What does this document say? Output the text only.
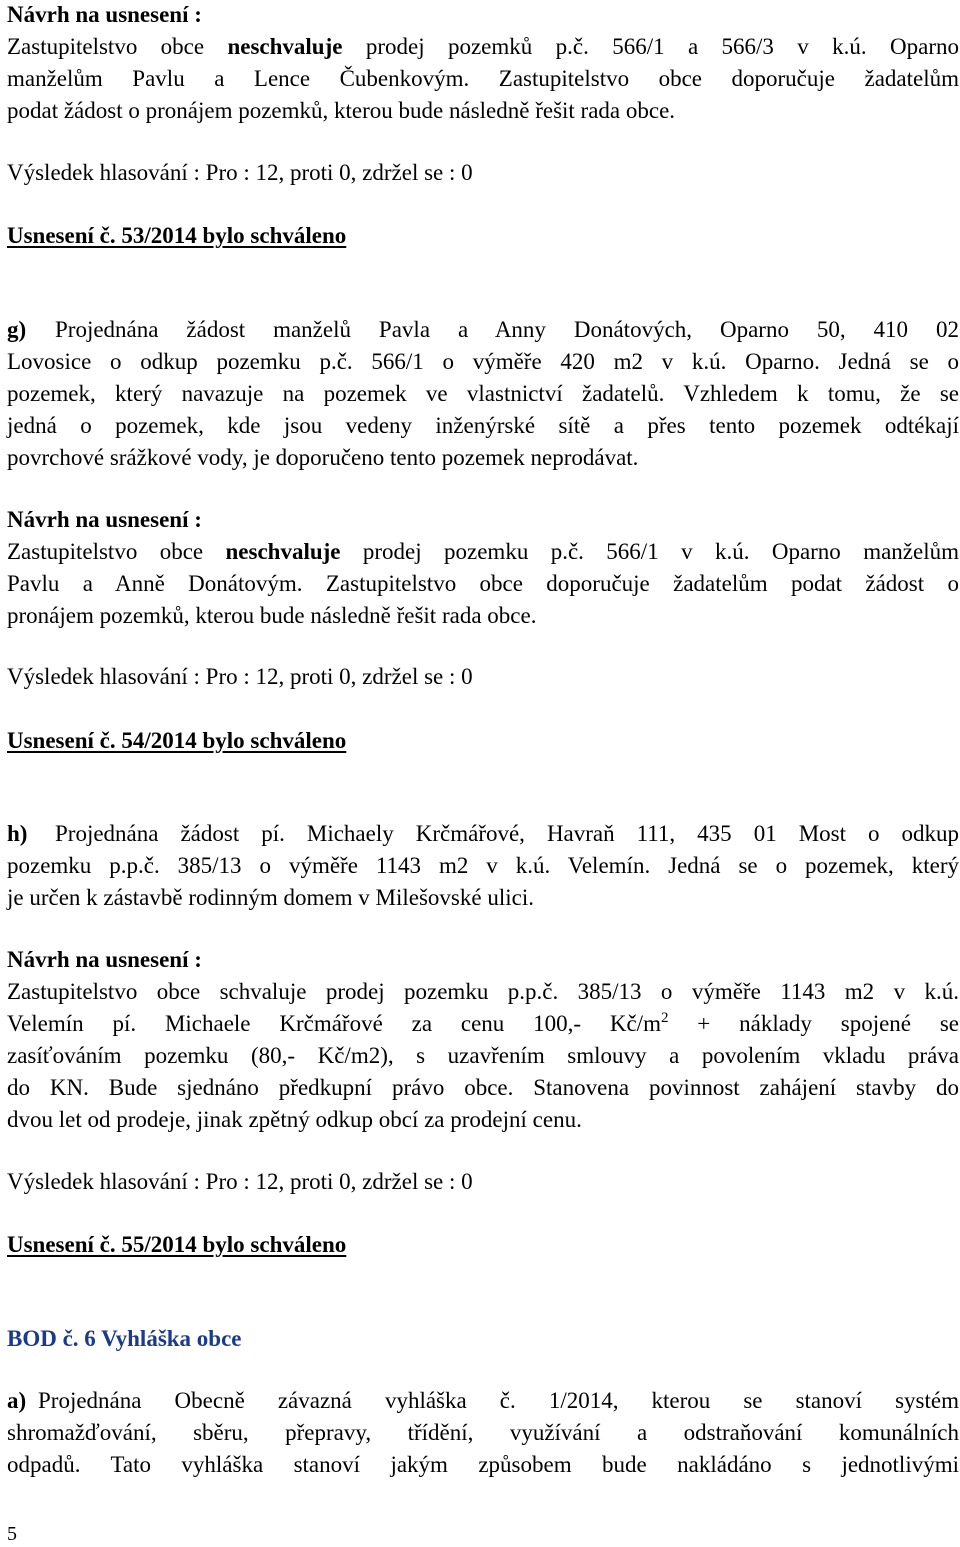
Návrh na usnesení :
Zastupitelstvo obce neschvaluje prodej pozemků p.č. 566/1 a 566/3 v k.ú. Oparno
manželům Pavlu a Lence Čubenkovým. Zastupitelstvo obce doporučuje žadatelům
podat žádost o pronájem pozemků, kterou bude následně řešit rada obce.
Výsledek hlasování : Pro : 12, proti 0, zdržel se : 0
Usnesení č. 53/2014 bylo schváleno
g) Projednána žádost manželů Pavla a Anny Donátových, Oparno 50, 410 02
Lovosice o odkup pozemku p.č. 566/1 o výměře 420 m2 v k.ú. Oparno. Jedná se o
pozemek, který navazuje na pozemek ve vlastnictví žadatelů. Vzhledem k tomu, že se
jedná o pozemek, kde jsou vedeny inženýrské sítě a přes tento pozemek odtékají
povrchové srážkové vody, je doporučeno tento pozemek neprodávat.
Návrh na usnesení :
Zastupitelstvo obce neschvaluje prodej pozemku p.č. 566/1 v k.ú. Oparno manželům
Pavlu a Anně Donátovým. Zastupitelstvo obce doporučuje žadatelům podat žádost o
pronájem pozemků, kterou bude následně řešit rada obce.
Výsledek hlasování : Pro : 12, proti 0, zdržel se : 0
Usnesení č. 54/2014 bylo schváleno
h) Projednána žádost pí. Michaely Krčmářové, Havraň 111, 435 01 Most o odkup
pozemku p.p.č. 385/13 o výměře 1143 m2 v k.ú. Velemín. Jedná se o pozemek, který
je určen k zástavbě rodinným domem v Milešovské ulici.
Návrh na usnesení :
Zastupitelstvo obce schvaluje prodej pozemku p.p.č. 385/13 o výměře 1143 m2 v k.ú.
Velemín pí. Michaele Krčmářové za cenu 100,- $Kč/m^2$ + náklady spojené se
zasíťováním pozemku (80,- Kč/m2), s uzavřením smlouvy a povolením vkladu práva
do KN. Bude sjednáno předkupní právo obce. Stanovena povinnost zahájení stavby do
dvou let od prodeje, jinak zpětný odkup obcí za prodejní cenu.
Výsledek hlasování : Pro : 12, proti 0, zdržel se : 0
Usnesení č. 55/2014 bylo schváleno
BOD č. 6 Vyhláška obce
a) Projednána Obecně závazná vyhláška č. 1/2014, kterou se stanoví systém
shromažďování, sběru, přepravy, třídění, využívání a odstraňování komunálních
odpadů. Tato vyhláška stanoví jakým způsobem bude nakládáno s jednotlivými
5
